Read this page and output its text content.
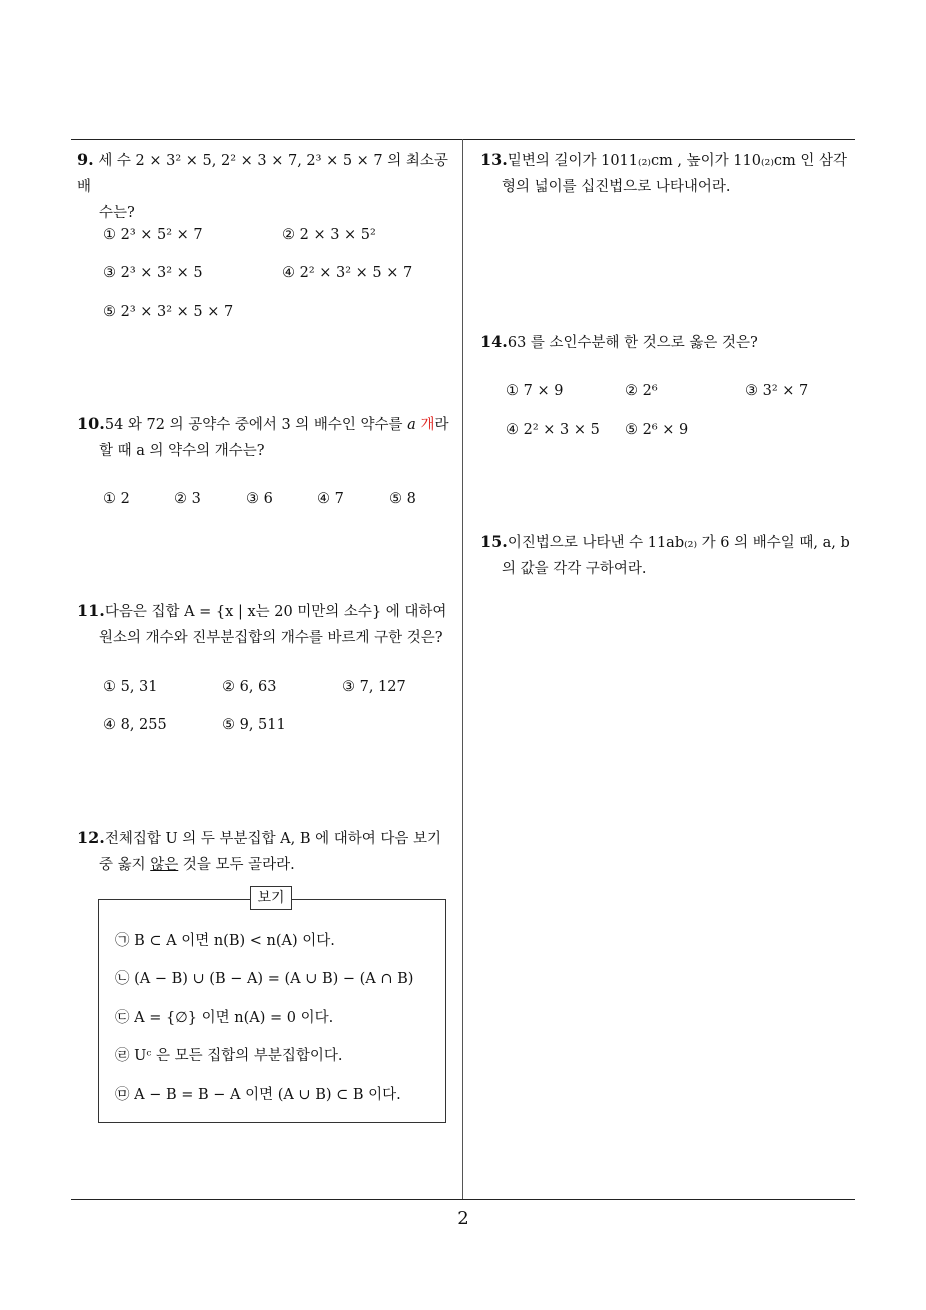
9. 세 수 2 × 3² × 5, 2² × 3 × 7, 2³ × 5 × 7 의 최소공배
수는?
① 2³ × 5² × 7	② 2 × 3 × 5²
③ 2³ × 3² × 5	④ 2² × 3² × 5 × 7
⑤ 2³ × 3² × 5 × 7
10.54 와 72 의 공약수 중에서 3 의 배수인 약수를 a 개라
할 때 a 의 약수의 개수는?
① 2	② 3	③ 6	④ 7	⑤ 8
11.다음은 집합 A = {x | x는 20 미만의 소수} 에 대하여
원소의 개수와 진부분집합의 개수를 바르게 구한 것은?
① 5, 31	② 6, 63	③ 7, 127
④ 8, 255	⑤ 9, 511
12.전체집합 U 의 두 부분집합 A, B 에 대하여 다음 보기
중 옳지 않은 것을 모두 골라라.
보기
㉠ B ⊂ A 이면 n(B) < n(A) 이다.
㉡ (A − B) ∪ (B − A) = (A ∪ B) − (A ∩ B)
㉢ A = {∅} 이면 n(A) = 0 이다.
㉣ Uᶜ 은 모든 집합의 부분집합이다.
㉤ A − B = B − A 이면 (A ∪ B) ⊂ B 이다.
13.밑변의 길이가 1011₍₂₎cm , 높이가 110₍₂₎cm 인 삼각
형의 넓이를 십진법으로 나타내어라.
14.63 를 소인수분해 한 것으로 옳은 것은?
① 7 × 9	② 2⁶	③ 3² × 7
④ 2² × 3 × 5 ⑤ 2⁶ × 9
15.이진법으로 나타낸 수 11ab₍₂₎ 가 6 의 배수일 때, a, b
의 값을 각각 구하여라.
2
